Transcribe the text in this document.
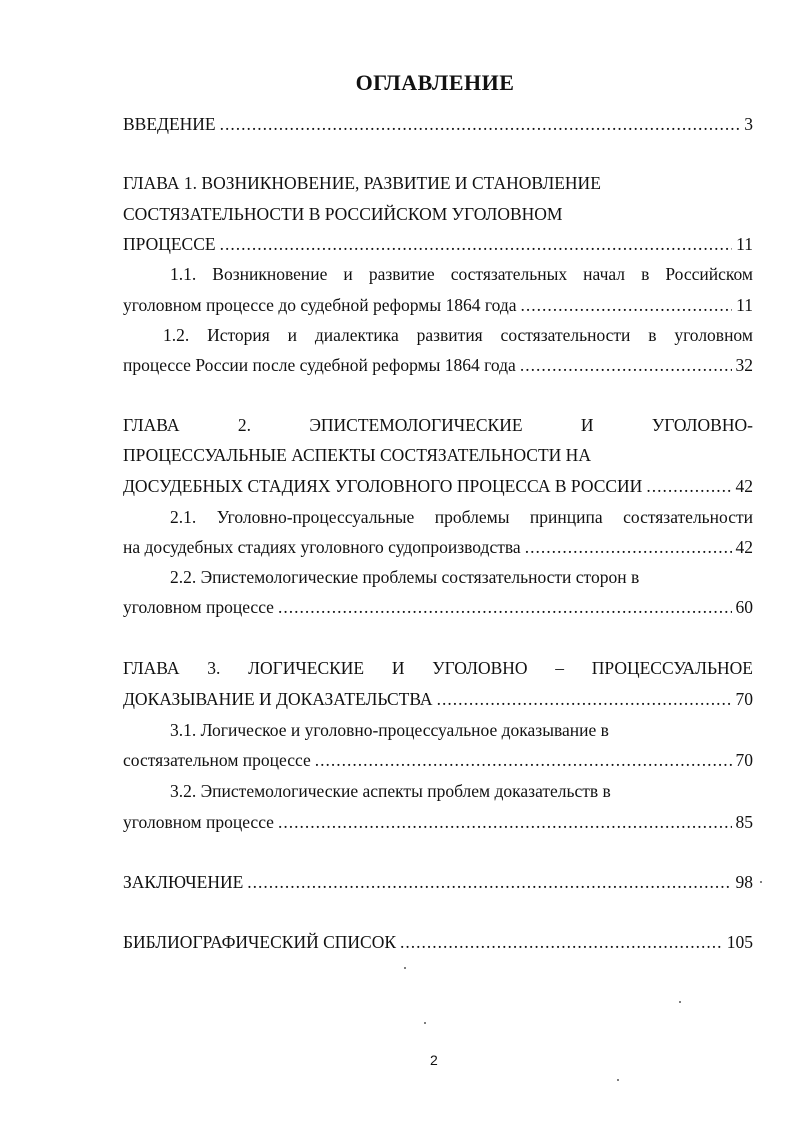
ОГЛАВЛЕНИЕ
ВВЕДЕНИЕ .....	3
ГЛАВА 1. ВОЗНИКНОВЕНИЕ, РАЗВИТИЕ И СТАНОВЛЕНИЕ
СОСТЯЗАТЕЛЬНОСТИ В РОССИЙСКОМ УГОЛОВНОМ
ПРОЦЕССЕ .....	11
1.1. Возникновение и развитие состязательных начал в Российском
уголовном процессе до судебной реформы 1864 года .....	11
1.2. История и диалектика развития состязательности в уголовном
процессе России после судебной реформы 1864 года .....	32
ГЛАВА	2.	ЭПИСТЕМОЛОГИЧЕСКИЕ	И	УГОЛОВНО-
ПРОЦЕССУАЛЬНЫЕ АСПЕКТЫ СОСТЯЗАТЕЛЬНОСТИ НА
ДОСУДЕБНЫХ СТАДИЯХ УГОЛОВНОГО ПРОЦЕССА В РОССИИ .....	42
2.1. Уголовно-процессуальные проблемы принципа состязательности
на досудебных стадиях уголовного судопроизводства .....	42
2.2. Эпистемологические проблемы состязательности сторон в
уголовном процессе .....	60
ГЛАВА 3. ЛОГИЧЕСКИЕ И УГОЛОВНО – ПРОЦЕССУАЛЬНОЕ
ДОКАЗЫВАНИЕ И ДОКАЗАТЕЛЬСТВА .....	70
3.1. Логическое и уголовно-процессуальное доказывание в
состязательном процессе .....	70
3.2. Эпистемологические аспекты проблем доказательств в
уголовном процессе .....	85
ЗАКЛЮЧЕНИЕ .....	98
БИБЛИОГРАФИЧЕСКИЙ СПИСОК .....	105
2
